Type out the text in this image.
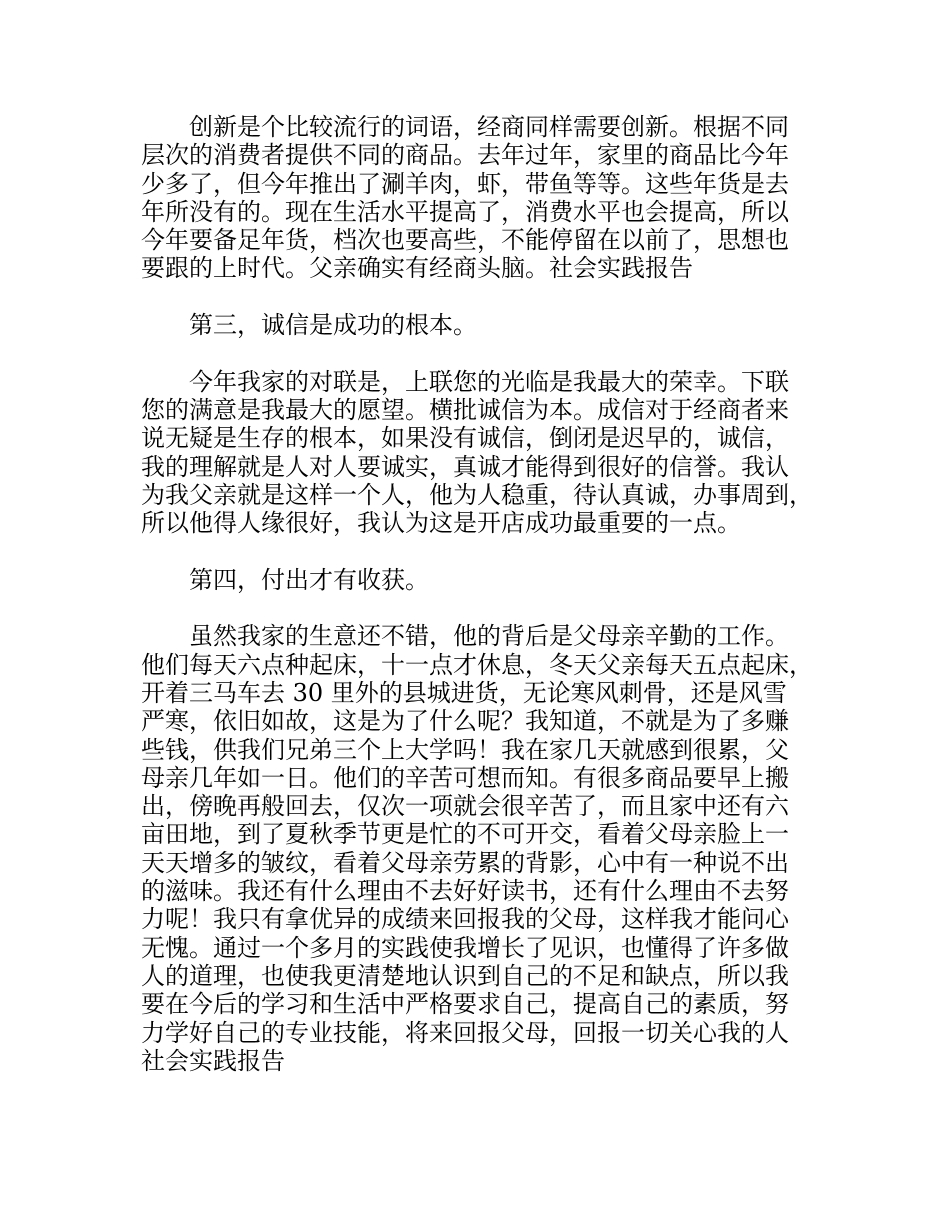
创新是个比较流行的词语，经商同样需要创新。根据不同
层次的消费者提供不同的商品。去年过年，家里的商品比今年
少多了，但今年推出了涮羊肉，虾，带鱼等等。这些年货是去
年所没有的。现在生活水平提高了，消费水平也会提高，所以
今年要备足年货，档次也要高些，不能停留在以前了，思想也
要跟的上时代。父亲确实有经商头脑。社会实践报告
第三，诚信是成功的根本。
今年我家的对联是，上联您的光临是我最大的荣幸。下联
您的满意是我最大的愿望。横批诚信为本。成信对于经商者来
说无疑是生存的根本，如果没有诚信，倒闭是迟早的，诚信，
我的理解就是人对人要诚实，真诚才能得到很好的信誉。我认
为我父亲就是这样一个人，他为人稳重，待认真诚，办事周到，
所以他得人缘很好，我认为这是开店成功最重要的一点。
第四，付出才有收获。
虽然我家的生意还不错，他的背后是父母亲辛勤的工作。
他们每天六点种起床，十一点才休息，冬天父亲每天五点起床，
开着三马车去 30 里外的县城进货，无论寒风刺骨，还是风雪
严寒，依旧如故，这是为了什么呢？我知道，不就是为了多赚
些钱，供我们兄弟三个上大学吗！我在家几天就感到很累，父
母亲几年如一日。他们的辛苦可想而知。有很多商品要早上搬
出，傍晚再般回去，仅次一项就会很辛苦了，而且家中还有六
亩田地，到了夏秋季节更是忙的不可开交，看着父母亲脸上一
天天增多的皱纹，看着父母亲劳累的背影，心中有一种说不出
的滋味。我还有什么理由不去好好读书，还有什么理由不去努
力呢！我只有拿优异的成绩来回报我的父母，这样我才能问心
无愧。通过一个多月的实践使我增长了见识，也懂得了许多做
人的道理，也使我更清楚地认识到自己的不足和缺点，所以我
要在今后的学习和生活中严格要求自己，提高自己的素质，努
力学好自己的专业技能，将来回报父母，回报一切关心我的人
社会实践报告
